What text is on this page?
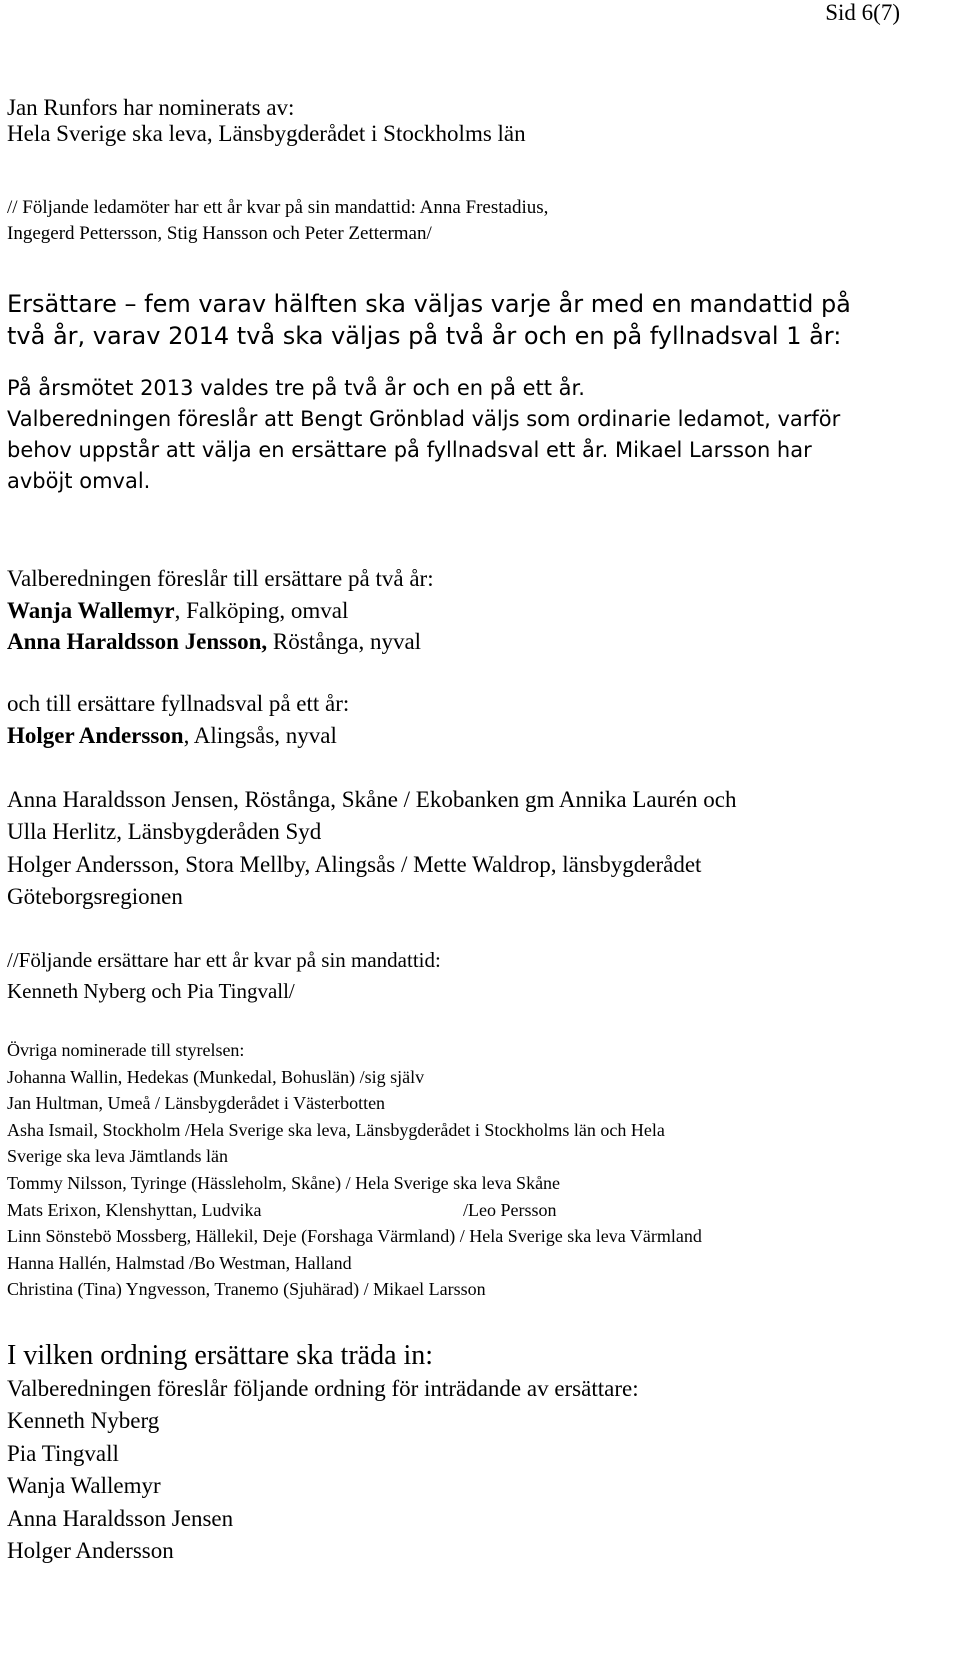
Sid 6(7)
Jan Runfors har nominerats av:
Hela Sverige ska leva, Länsbygderådet i Stockholms län
// Följande ledamöter har ett år kvar på sin mandattid: Anna Frestadius,
Ingegerd Pettersson, Stig Hansson och Peter Zetterman/
Ersättare – fem varav hälften ska väljas varje år med en mandattid på
två år, varav 2014 två ska väljas på två år och en på fyllnadsval 1 år:
På årsmötet 2013 valdes tre på två år och en på ett år.
Valberedningen föreslår att Bengt Grönblad väljs som ordinarie ledamot, varför
behov uppstår att välja en ersättare på fyllnadsval ett år. Mikael Larsson har
avböjt omval.
Valberedningen föreslår till ersättare på två år:
Wanja Wallemyr, Falköping, omval
Anna Haraldsson Jensson, Röstånga, nyval
och till ersättare fyllnadsval på ett år:
Holger Andersson, Alingsås, nyval
Anna Haraldsson Jensen, Röstånga, Skåne / Ekobanken gm Annika Laurén och
Ulla Herlitz, Länsbygderåden Syd
Holger Andersson, Stora Mellby, Alingsås / Mette Waldrop, länsbygderådet
Göteborgsregionen
//Följande ersättare har ett år kvar på sin mandattid:
Kenneth Nyberg och Pia Tingvall/
Övriga nominerade till styrelsen:
Johanna Wallin, Hedekas (Munkedal, Bohuslän) /sig själv
Jan Hultman, Umeå / Länsbygderådet i Västerbotten
Asha Ismail, Stockholm /Hela Sverige ska leva, Länsbygderådet i Stockholms län och Hela
Sverige ska leva Jämtlands län
Tommy Nilsson, Tyringe (Hässleholm, Skåne) / Hela Sverige ska leva Skåne
Mats Erixon, Klenshyttan, Ludvika	/Leo Persson
Linn Sönstebö Mossberg, Hällekil, Deje (Forshaga Värmland) / Hela Sverige ska leva Värmland
Hanna Hallén, Halmstad /Bo Westman, Halland
Christina (Tina) Yngvesson, Tranemo (Sjuhärad) / Mikael Larsson
I vilken ordning ersättare ska träda in:
Valberedningen föreslår följande ordning för inträdande av ersättare:
Kenneth Nyberg
Pia Tingvall
Wanja Wallemyr
Anna Haraldsson Jensen
Holger Andersson
